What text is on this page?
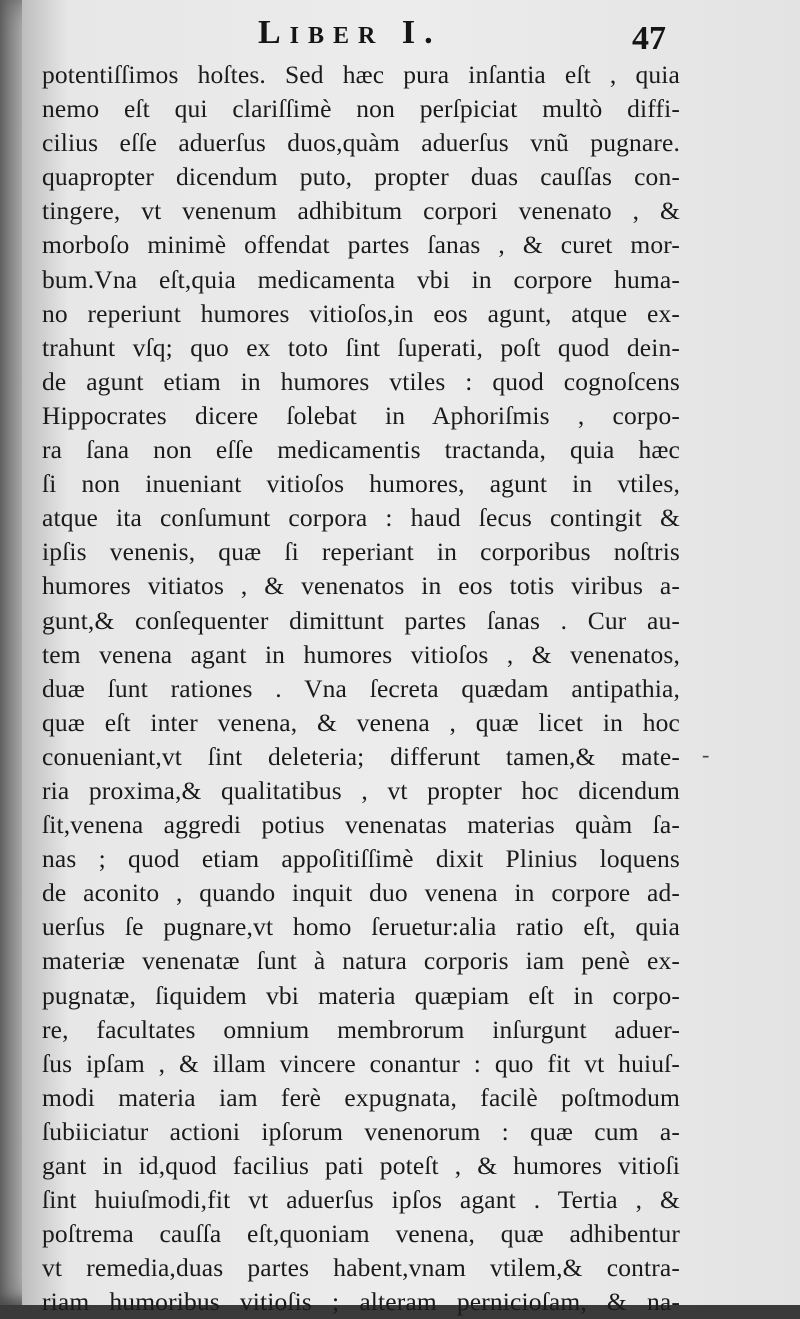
Liber I.	47
potentiſſimos hoſtes. Sed hæc pura inſantia eſt , quia
nemo eſt qui clariſſimè non perſpiciat multò diffi-
cilius eſſe aduerſus duos,quàm aduerſus vnũ pugnare.
quapropter dicendum puto, propter duas cauſſas con-
tingere, vt venenum adhibitum corpori venenato , &
morboſo minimè offendat partes ſanas , & curet mor-
bum.Vna eſt,quia medicamenta vbi in corpore huma-
no reperiunt humores vitioſos,in eos agunt, atque ex-
trahunt vſq; quo ex toto ſint ſuperati, poſt quod dein-
de agunt etiam in humores vtiles : quod cognoſcens
Hippocrates dicere ſolebat in Aphoriſmis , corpo-
ra ſana non eſſe medicamentis tractanda, quia hæc
ſi non inueniant vitioſos humores, agunt in vtiles,
atque ita conſumunt corpora : haud ſecus contingit &
ipſis venenis, quæ ſi reperiant in corporibus noſtris
humores vitiatos , & venenatos in eos totis viribus a-
gunt,& conſequenter dimittunt partes ſanas . Cur au-
tem venena agant in humores vitioſos , & venenatos,
duæ ſunt rationes . Vna ſecreta quædam antipathia,
quæ eſt inter venena, & venena , quæ licet in hoc
conueniant,vt ſint deleteria; differunt tamen,& mate-
ria proxima,& qualitatibus , vt propter hoc dicendum
ſit,venena aggredi potius venenatas materias quàm ſa-
nas ; quod etiam appoſitiſſimè dixit Plinius loquens
de aconito , quando inquit duo venena in corpore ad-
uerſus ſe pugnare,vt homo ſeruetur:alia ratio eſt, quia
materiæ venenatæ ſunt à natura corporis iam penè ex-
pugnatæ, ſiquidem vbi materia quæpiam eſt in corpo-
re, facultates omnium membrorum inſurgunt aduer-
ſus ipſam , & illam vincere conantur : quo fit vt huiuſ-
modi materia iam ferè expugnata, facilè poſtmodum
ſubiiciatur actioni ipſorum venenorum : quæ cum a-
gant in id,quod facilius pati poteſt , & humores vitioſi
ſint huiuſmodi,fit vt aduerſus ipſos agant . Tertia , &
poſtrema cauſſa eſt,quoniam venena, quæ adhibentur
vt remedia,duas partes habent,vnam vtilem,& contra-
riam humoribus vitioſis ; alteram pernicioſam, & na-
‐
